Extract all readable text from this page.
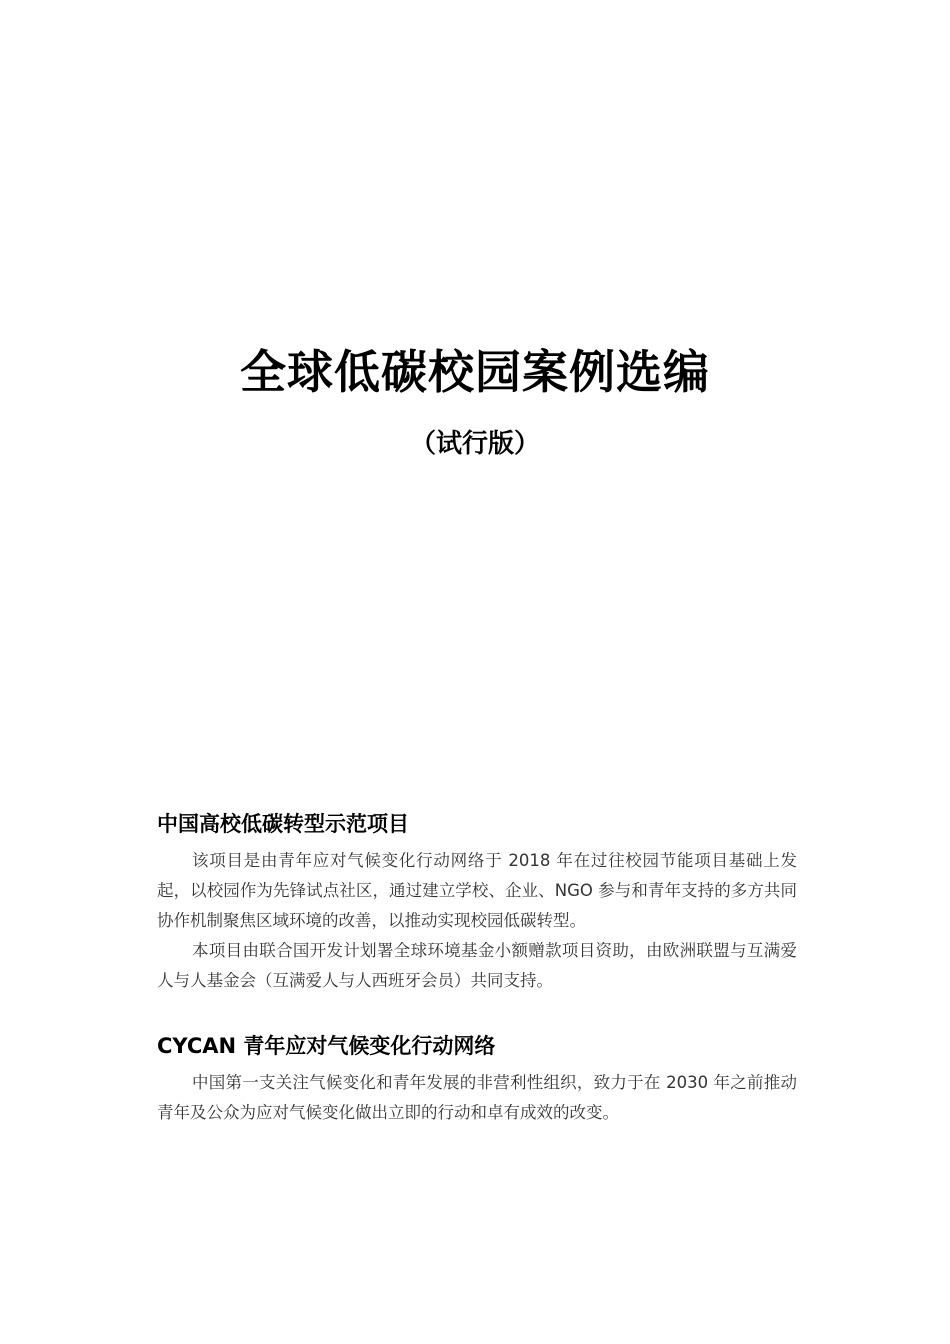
全球低碳校园案例选编
（试行版）
中国高校低碳转型示范项目

该项目是由青年应对气候变化行动网络于 2018 年在过往校园节能项目基础上发起，以校园作为先锋试点社区，通过建立学校、企业、NGO 参与和青年支持的多方共同协作机制聚焦区域环境的改善，以推动实现校园低碳转型。

本项目由联合国开发计划署全球环境基金小额赠款项目资助，由欧洲联盟与互满爱人与人基金会（互满爱人与人西班牙会员）共同支持。

CYCAN 青年应对气候变化行动网络

中国第一支关注气候变化和青年发展的非营利性组织，致力于在 2030 年之前推动青年及公众为应对气候变化做出立即的行动和卓有成效的改变。
